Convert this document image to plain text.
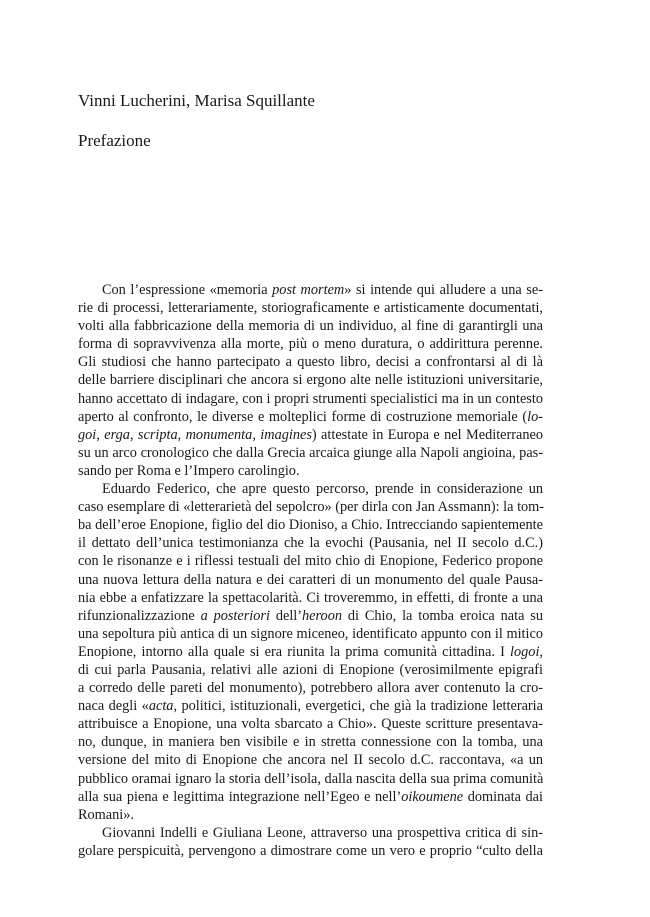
Vinni Lucherini, Marisa Squillante
Prefazione
Con l’espressione «memoria post mortem» si intende qui alludere a una se-
rie di processi, letterariamente, storiograficamente e artisticamente documentati,
volti alla fabbricazione della memoria di un individuo, al fine di garantirgli una
forma di sopravvivenza alla morte, più o meno duratura, o addirittura perenne.
Gli studiosi che hanno partecipato a questo libro, decisi a confrontarsi al di là
delle barriere disciplinari che ancora si ergono alte nelle istituzioni universitarie,
hanno accettato di indagare, con i propri strumenti specialistici ma in un contesto
aperto al confronto, le diverse e molteplici forme di costruzione memoriale (lo-
goi, erga, scripta, monumenta, imagines) attestate in Europa e nel Mediterraneo
su un arco cronologico che dalla Grecia arcaica giunge alla Napoli angioina, pas-
sando per Roma e l’Impero carolingio.
Eduardo Federico, che apre questo percorso, prende in considerazione un
caso esemplare di «letterarietà del sepolcro» (per dirla con Jan Assmann): la tom-
ba dell’eroe Enopione, figlio del dio Dioniso, a Chio. Intrecciando sapientemente
il dettato dell’unica testimonianza che la evochi (Pausania, nel II secolo d.C.)
con le risonanze e i riflessi testuali del mito chio di Enopione, Federico propone
una nuova lettura della natura e dei caratteri di un monumento del quale Pausa-
nia ebbe a enfatizzare la spettacolarità. Ci troveremmo, in effetti, di fronte a una
rifunzionalizzazione a posteriori dell’heroon di Chio, la tomba eroica nata su
una sepoltura più antica di un signore miceneo, identificato appunto con il mitico
Enopione, intorno alla quale si era riunita la prima comunità cittadina. I logoi,
di cui parla Pausania, relativi alle azioni di Enopione (verosimilmente epigrafi
a corredo delle pareti del monumento), potrebbero allora aver contenuto la cro-
naca degli «acta, politici, istituzionali, evergetici, che già la tradizione letteraria
attribuisce a Enopione, una volta sbarcato a Chio». Queste scritture presentava-
no, dunque, in maniera ben visibile e in stretta connessione con la tomba, una
versione del mito di Enopione che ancora nel II secolo d.C. raccontava, «a un
pubblico oramai ignaro la storia dell’isola, dalla nascita della sua prima comunità
alla sua piena e legittima integrazione nell’Egeo e nell’oikoumene dominata dai
Romani».
Giovanni Indelli e Giuliana Leone, attraverso una prospettiva critica di sin-
golare perspicuità, pervengono a dimostrare come un vero e proprio “culto della
